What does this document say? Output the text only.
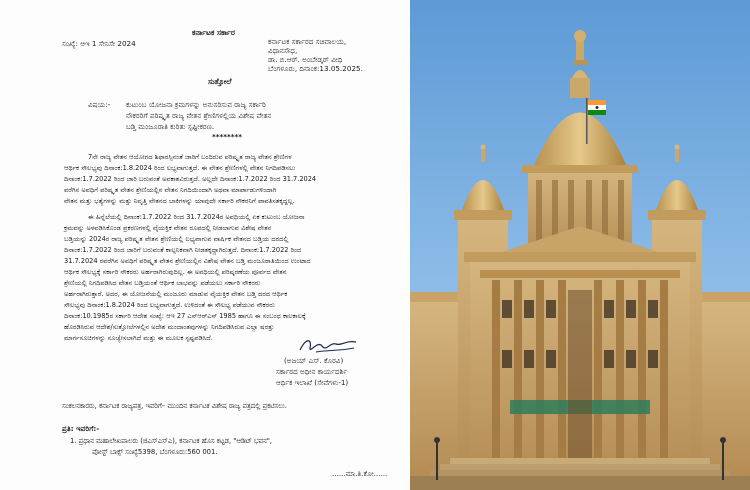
ಕರ್ನಾಟಕ ಸರ್ಕಾರ
ಸಂಖ್ಯೆ: ಆಇ 1 ಸೇನಿಸೇ 2024	ಕರ್ನಾಟಕ ಸರ್ಕಾರದ ಸಚಿವಾಲಯ,
ವಿಧಾನಸೌಧ,
ಡಾ. ಬಿ.ಆರ್. ಅಂಬೇಡ್ಕರ್ ವೀಧಿ
ಬೆಂಗಳೂರು, ದಿನಾಂಕ:13.05.2025.
ಸುತ್ತೋಲೆ
ವಿಷಯ:- ಕುಟುಂಬ ಯೋಜನಾ ಕ್ರಮಗಳನ್ನು ಅನುಸರಿಸುವ ರಾಜ್ಯ ಸರ್ಕಾರಿ
ನೌಕರರಿಗೆ ಪರಿಷ್ಕೃತ ರಾಜ್ಯ ವೇತನ ಶ್ರೇಣಿಗಳಲ್ಲಿಯ ವಿಶೇಷ ವೇತನ
ಬಡ್ತಿ ಮಂಜೂರಾತಿ ಕುರಿತು ಸ್ಪಷ್ಟೀಕರಣ.
********
7ನೇ ರಾಜ್ಯ ವೇತನ ಆಯೋಗದ ಶಿಫಾರಸ್ಸಿನಂತೆ ಜಾರಿಗೆ ಬಂದಿರುವ ಪರಿಷ್ಕೃತ ರಾಜ್ಯ ವೇತನ ಶ್ರೇಣಿಗಳ
ಆರ್ಥಿಕ ಸೌಲಭ್ಯವು ದಿನಾಂಕ:1.8.2024 ರಿಂದ ಲಭ್ಯವಾಗುತ್ತದೆ. ಈ ವೇತನ ಶ್ರೇಣಿಗಳಲ್ಲಿ ವೇತನ ನಿಗದಿಪಡಿಸಲು
ದಿನಾಂಕ:1.7.2022 ರಿಂದ ಜಾರಿ ಬರುವಂತೆ ಅವಕಾಶವಿರುತ್ತದೆ. ಅಲ್ಲದೇ ದಿನಾಂಕ:1.7.2022 ರಿಂದ 31.7.2024
ವರೆಗಿನ ಅವಧಿಗೆ ಪರಿಷ್ಕೃತ ವೇತನ ಶ್ರೇಣಿಯಲ್ಲಿನ ವೇತನ ನಿಗದಿಯಿಂದಾಗಿ ಅಥವಾ ಮಾರ್ಪಾಡುಗಳಿಂದಾಗಿ
ವೇತನ ಮತ್ತು ಭತ್ಯೆಗಳನ್ನು ಮತ್ತು ನಿವೃತ್ತಿ ವೇತನದ ಬಾಕಿಗಳನ್ನು ಯಾವುದೇ ಸರ್ಕಾರಿ ನೌಕರನಿಗೆ ಪಾವತಿಸತಕ್ಕದ್ದಲ್ಲ.
ಈ ಹಿನ್ನೆಲೆಯಲ್ಲಿ ದಿನಾಂಕ:1.7.2022 ರಿಂದ 31.7.2024ರ ಅವಧಿಯಲ್ಲಿ ಏಕ ಕುಟುಂಬ ಯೋಜನಾ
ಕ್ರಮವನ್ನು ಅಳವಡಿಸಿಕೊಂಡ ಪ್ರಕರಣಗಳಲ್ಲಿ ವೈಯಕ್ತಿಕ ವೇತನ ರೂಪದಲ್ಲಿ ನೀಡಲಾಗುವ ವಿಶೇಷ ವೇತನ
ಬಡ್ತಿಯನ್ನು 2024ರ ರಾಜ್ಯ ಪರಿಷ್ಕೃತ ವೇತನ ಶ್ರೇಣಿಯಲ್ಲಿ ಲಭ್ಯವಾಗುವ ವಾರ್ಷಿಕ ವೇತನದ ಬಡ್ತಿಯ ದರದಲ್ಲಿ
ದಿನಾಂಕ:1.7.2022 ರಿಂದ ಜಾರಿಗೆ ಬರುವಂತೆ ಕಾಲ್ಪನಿಕವಾಗಿ ನೀಡತಕ್ಕದ್ದಾಗಿರುತ್ತದೆ. ದಿನಾಂಕ:1.7.2022 ರಿಂದ
31.7.2024 ರವರೆಗಿನ ಅವಧಿಗೆ ಪರಿಷ್ಕೃತ ವೇತನ ಶ್ರೇಣಿಯಲ್ಲಿನ ವಿಶೇಷ ವೇತನ ಬಡ್ತಿ ಮಂಜೂರಾತಿಯಿಂದ ಉಂಟಾದ
ಆರ್ಥಿಕ ಸೌಲಭ್ಯಕ್ಕೆ ಸರ್ಕಾರಿ ನೌಕರರು ಅರ್ಹರಾಗಿರುವುದಿಲ್ಲ. ಈ ಅವಧಿಯಲ್ಲಿ ಪರಿಷ್ಕರಣೆಯ ಪೂರ್ವದ ವೇತನ
ಶ್ರೇಣಿಯಲ್ಲಿ ನಿಗದಿಪಡಿಸಿದ ವೇತನ ಬಡ್ತಿಯಂತೆ ಆರ್ಥಿಕ ಲಾಭವನ್ನು ಪಡೆಯಲು ಸರ್ಕಾರಿ ನೌಕರರು
ಅರ್ಹರಾಗಿರುತ್ತಾರೆ. ಅದರ, ಈ ಯೋಜನೆಯಲ್ಲಿ ಮಂಜೂರು ಮಾಡುವ ವೈಯಕ್ತಿಕ ವೇತನ ಬಡ್ತಿ ದರದ ಆರ್ಥಿಕ
ಸೌಲಭ್ಯವು ದಿನಾಂಕ:1.8.2024 ರಿಂದ ಲಭ್ಯವಾಗುತ್ತದೆ. ಉಳಿದಂತೆ ಈ ಸೌಲಭ್ಯ ಪಡೆಯುವ ನೌಕರರು
ದಿನಾಂಕ:10.1985ರ ಸರ್ಕಾರಿ ಆದೇಶ ಸಂಖ್ಯೆ: ಆಇ 27 ಎಸ್‌ಆರ್‌ಎಸ್ 1985 ಹಾಗೂ ಈ ಸಂಬಂಧ ಕಾಲಕಾಲಕ್ಕೆ
ಹೊರಡಿಸಿರುವ ಆದೇಶ/ಸುತ್ತೋಲೆಗಳಲ್ಲಿನ ಅದೇಶ ಮಂದಾಂತವುಗಳನ್ನು ನಿಗದಿಪಡಿಸಿರುವ ಎಲ್ಲಾ ಷರತ್ತು
ಮಾರ್ಗಸೂಚಿಗಳನ್ನು ಸೂಚ್ಯೇಸಲಾಗಿದೆ ಮತ್ತು ಈ ಮೂಲಕ ಸ್ಪಷ್ಟಪಡಿಸಿದೆ.
(ಅಜಯ್ ಎಸ್. ಕೊರವಿ)
ಸರ್ಕಾರದ ಅಧೀನ ಕಾರ್ಯದರ್ಶಿ
ಆರ್ಥಿಕ ಇಲಾಖೆ (ಸೇವೆಗಳು-1)
ಸಂಕಲನಕಾರರು, ಕರ್ನಾಟಕ ರಾಜ್ಯಪತ್ರ, ಇವರಿಗೆ– ಮುಂದಿನ ಕರ್ನಾಟಕ ವಿಶೇಷ ರಾಜ್ಯ ಪತ್ರದಲ್ಲಿ ಪ್ರಕಟಿಸಲು.
ಪ್ರತಿ: ಇವರಿಗೆ:-
1. ಪ್ರಧಾನ ಮಹಾಲೇಖಪಾಲರು (ಜಿಎಸ್‌ಎಸ್‌ಎ), ಕರ್ನಾಟಕ ಹೊಸ ಕಟ್ಟಡ, "ಆಡಿಟ್ ಭವನ",
ಪೋಸ್ಟ್ ಬಾಕ್ಸ್ ಸಂಖ್ಯೆ5398, ಬೆಂಗಳೂರು:560 001.
......ಮಾ.ತಿ.ಕೋ......
